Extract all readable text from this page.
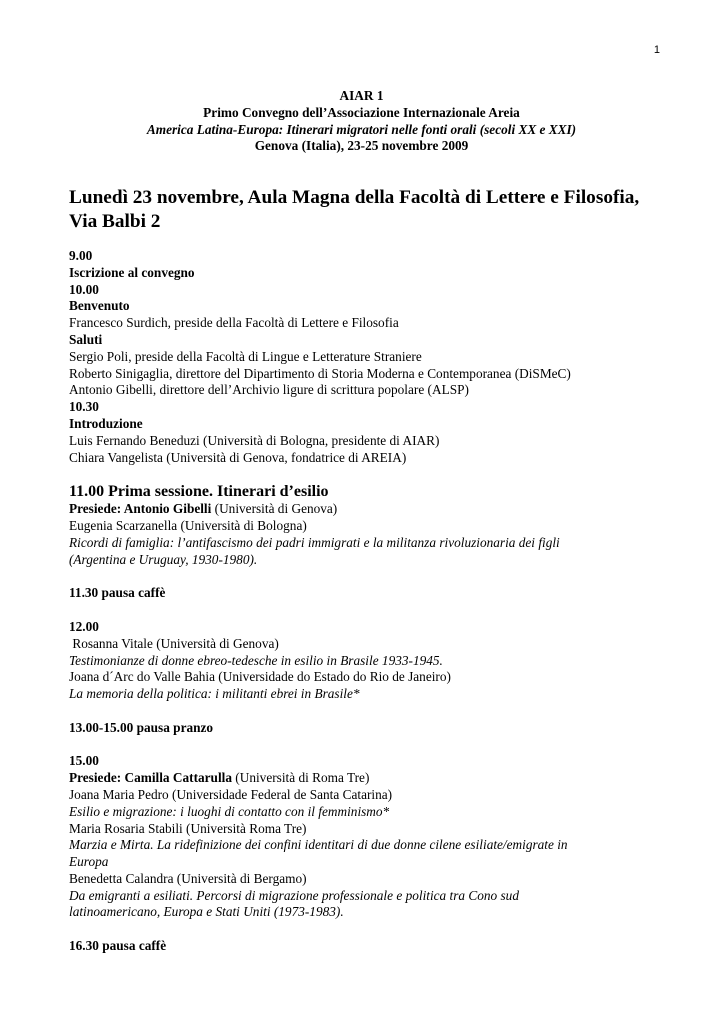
1
AIAR 1
Primo Convegno dell’Associazione Internazionale Areia
America Latina-Europa: Itinerari migratori nelle fonti orali (secoli XX e XXI)
Genova (Italia), 23-25 novembre 2009
Lunedì 23 novembre, Aula Magna della Facoltà di Lettere e Filosofia,
Via Balbi 2
9.00
Iscrizione al convegno
10.00
Benvenuto
Francesco Surdich, preside della Facoltà di Lettere e Filosofia
Saluti
Sergio Poli, preside della Facoltà di Lingue e Letterature Straniere
Roberto Sinigaglia, direttore del Dipartimento di Storia Moderna e Contemporanea (DiSMeC)
Antonio Gibelli, direttore dell’Archivio ligure di scrittura popolare (ALSP)
10.30
Introduzione
Luis Fernando Beneduzi (Università di Bologna, presidente di AIAR)
Chiara Vangelista (Università di Genova, fondatrice di AREIA)
11.00 Prima sessione. Itinerari d’esilio
Presiede: Antonio Gibelli (Università di Genova)
Eugenia Scarzanella (Università di Bologna)
Ricordi di famiglia: l’antifascismo dei padri immigrati e la militanza rivoluzionaria dei figli
(Argentina e Uruguay, 1930-1980).
11.30 pausa caffè
12.00
Rosanna Vitale (Università di Genova)
Testimonianze di donne ebreo-tedesche in esilio in Brasile 1933-1945.
Joana d´Arc do Valle Bahia (Universidade do Estado do Rio de Janeiro)
La memoria della politica: i militanti ebrei in Brasile*
13.00-15.00 pausa pranzo
15.00
Presiede: Camilla Cattarulla (Università di Roma Tre)
Joana Maria Pedro (Universidade Federal de Santa Catarina)
Esilio e migrazione: i luoghi di contatto con il femminismo*
Maria Rosaria Stabili (Università Roma Tre)
Marzia e Mirta. La ridefinizione dei confini identitari di due donne cilene esiliate/emigrate in
Europa
Benedetta Calandra (Università di Bergamo)
Da emigranti a esiliati. Percorsi di migrazione professionale e politica tra Cono sud
latinoamericano, Europa e Stati Uniti (1973-1983).
16.30 pausa caffè
